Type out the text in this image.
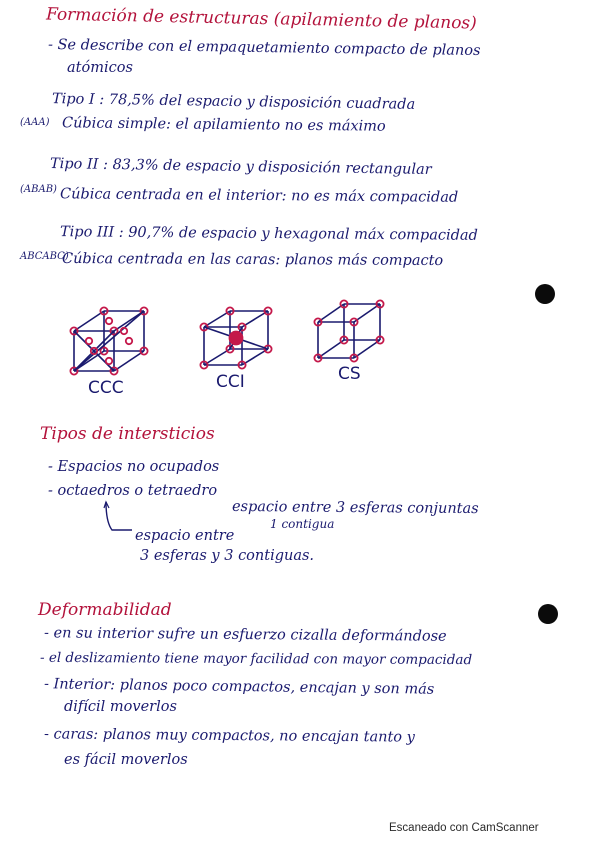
Formación de estructuras (apilamiento de planos)
- Se describe con el empaquetamiento compacto de planos
atómicos
Tipo I : 78,5% del espacio y disposición cuadrada
(AAA) Cúbica simple: el apilamiento no es máximo
Tipo II : 83,3% de espacio y disposición rectangular
(ABAB) Cúbica centrada en el interior: no es máx compacidad
Tipo III : 90,7% de espacio y hexagonal máx compacidad
ABCABC)
Cúbica centrada en las caras: planos más compacto
CCC	CCI	CS
Tipos de intersticios
- Espacios no ocupados
- octaedros o tetraedro
espacio entre 3 esferas conjuntas
1 contigua
espacio entre
3 esferas y 3 contiguas.
Deformabilidad
- en su interior sufre un esfuerzo cizalla deformándose
- el deslizamiento tiene mayor facilidad con mayor compacidad
- Interior: planos poco compactos, encajan y son más
difícil moverlos
- caras: planos muy compactos, no encajan tanto y
es fácil moverlos
Escaneado con CamScanner
